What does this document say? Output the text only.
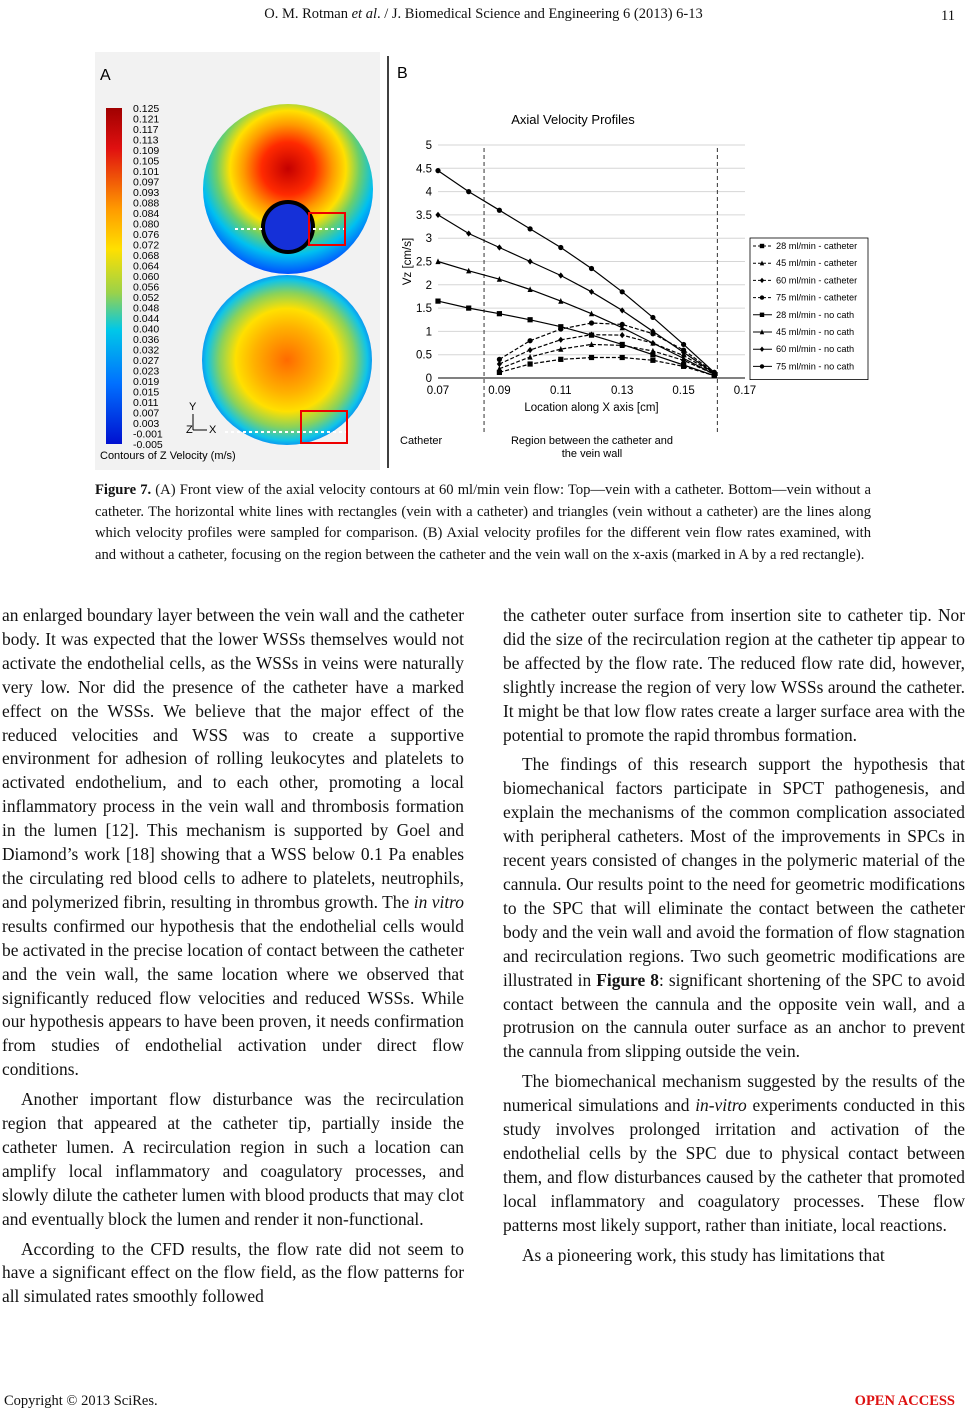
O. M. Rotman et al. / J. Biomedical Science and Engineering 6 (2013) 6-13	11
A
0.125
0.121
0.117
0.113
0.109
0.105
0.101
0.097
0.093
0.088
0.084
0.080
0.076
0.072
0.068
0.064
0.060
0.056
0.052
0.048
0.044
0.040
0.036
0.032
0.027
0.023
0.019
0.015
0.011
0.007
0.003
-0.001
-0.005
Y
Z X
Contours of Z Velocity (m/s)
B
Axial Velocity Profiles
0
0.5
1
1.5
2
2.5
3
3.5
4
4.5
5
0.07	0.09	0.11	0.13	0.15	0.17
Location along X axis [cm]
Vz [cm/s]	28 ml/min - catheter
45 ml/min - catheter
60 ml/min - catheter
75 ml/min - catheter
28 ml/min - no cath
45 ml/min - no cath
60 ml/min - no cath
75 ml/min - no cath
Catheter	Region between the catheter and
the vein wall
Figure 7. (A) Front view of the axial velocity contours at 60 ml/min vein flow: Top—vein with a catheter. Bottom—vein without a catheter. The horizontal white lines with rectangles (vein with a catheter) and triangles (vein without a catheter) are the lines along which velocity profiles were sampled for comparison. (B) Axial velocity profiles for the different vein flow rates examined, with and without a catheter, focusing on the region between the catheter and the vein wall on the x-axis (marked in A by a red rectangle).

an enlarged boundary layer between the vein wall and the catheter body. It was expected that the lower WSSs themselves would not activate the endothelial cells, as the WSSs in veins were naturally very low. Nor did the presence of the catheter have a marked effect on the WSSs. We believe that the major effect of the reduced velocities and WSS was to create a supportive environment for adhesion of rolling leukocytes and platelets to activated endothelium, and to each other, promoting a local inflammatory process in the vein wall and thrombosis formation in the lumen [12]. This mechanism is supported by Goel and Diamond’s work [18] showing that a WSS below 0.1 Pa enables the circulating red blood cells to adhere to platelets, neutrophils, and polymerized fibrin, resulting in thrombus growth. The in vitro results confirmed our hypothesis that the endothelial cells would be activated in the precise location of contact between the catheter and the vein wall, the same location where we observed that significantly reduced flow velocities and reduced WSSs. While our hypothesis appears to have been proven, it needs confirmation from studies of endothelial activation under direct flow conditions.

Another important flow disturbance was the recirculation region that appeared at the catheter tip, partially inside the catheter lumen. A recirculation region in such a location can amplify local inflammatory and coagulatory processes, and slowly dilute the catheter lumen with blood products that may clot and eventually block the lumen and render it non-functional.

According to the CFD results, the flow rate did not seem to have a significant effect on the flow field, as the flow patterns for all simulated rates smoothly followed

the catheter outer surface from insertion site to catheter tip. Nor did the size of the recirculation region at the catheter tip appear to be affected by the flow rate. The reduced flow rate did, however, slightly increase the region of very low WSSs around the catheter. It might be that low flow rates create a larger surface area with the potential to promote the rapid thrombus formation.

The findings of this research support the hypothesis that biomechanical factors participate in SPCT pathogenesis, and explain the mechanisms of the common complication associated with peripheral catheters. Most of the improvements in SPCs in recent years consisted of changes in the polymeric material of the cannula. Our results point to the need for geometric modifications to the SPC that will eliminate the contact between the catheter body and the vein wall and avoid the formation of flow stagnation and recirculation regions. Two such geometric modifications are illustrated in Figure 8: significant shortening of the SPC to avoid contact between the cannula and the opposite vein wall, and a protrusion on the cannula outer surface as an anchor to prevent the cannula from slipping outside the vein.

The biomechanical mechanism suggested by the results of the numerical simulations and in-vitro experiments conducted in this study involves prolonged irritation and activation of the endothelial cells by the SPC due to physical contact between them, and flow disturbances caused by the catheter that promoted local inflammatory and coagulatory processes. These flow patterns most likely support, rather than initiate, local reactions.

As a pioneering work, this study has limitations that

Copyright © 2013 SciRes.	OPEN ACCESS
